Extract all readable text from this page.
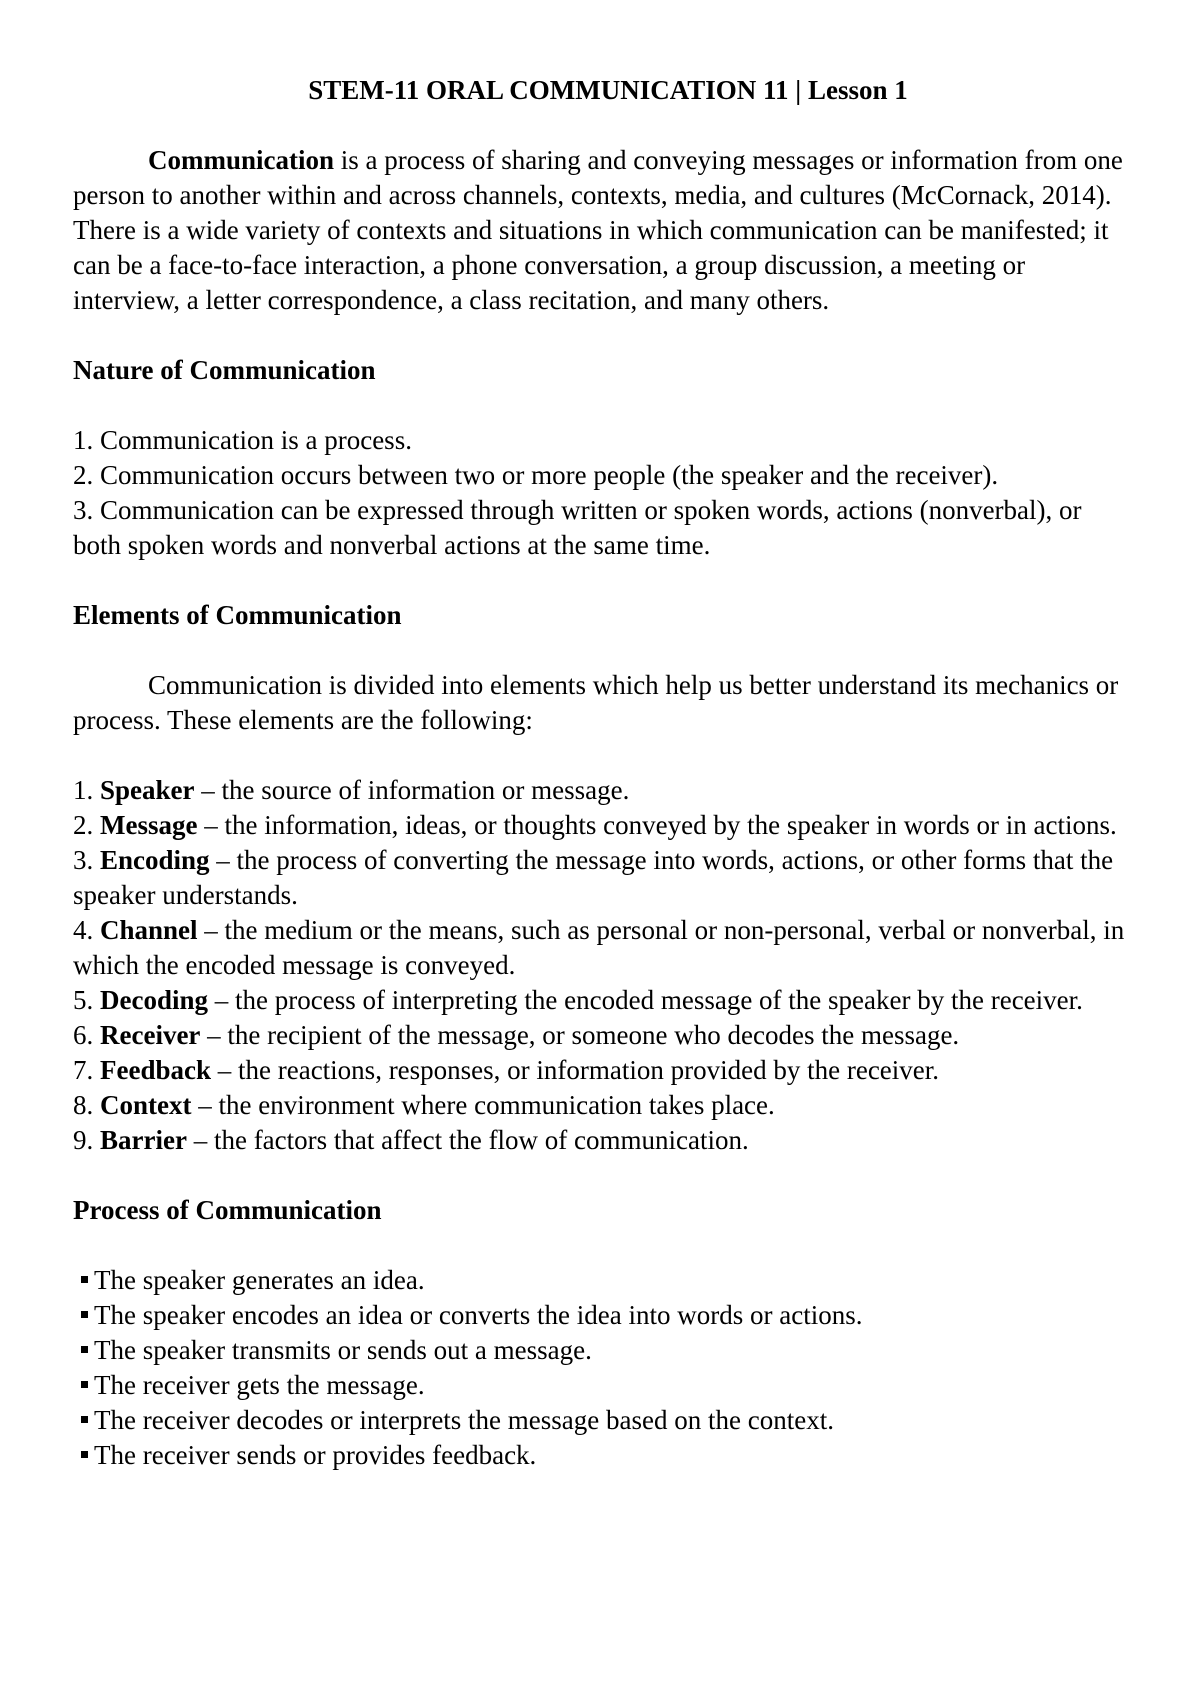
STEM-11 ORAL COMMUNICATION 11 | Lesson 1

Communication is a process of sharing and conveying messages or information from one person to another within and across channels, contexts, media, and cultures (McCornack, 2014). There is a wide variety of contexts and situations in which communication can be manifested; it can be a face-to-face interaction, a phone conversation, a group discussion, a meeting or interview, a letter correspondence, a class recitation, and many others.

Nature of Communication

1. Communication is a process.
2. Communication occurs between two or more people (the speaker and the receiver).
3. Communication can be expressed through written or spoken words, actions (nonverbal), or both spoken words and nonverbal actions at the same time.

Elements of Communication

Communication is divided into elements which help us better understand its mechanics or process. These elements are the following:

1. Speaker – the source of information or message.
2. Message – the information, ideas, or thoughts conveyed by the speaker in words or in actions.
3. Encoding – the process of converting the message into words, actions, or other forms that the speaker understands.
4. Channel – the medium or the means, such as personal or non-personal, verbal or nonverbal, in which the encoded message is conveyed.
5. Decoding – the process of interpreting the encoded message of the speaker by the receiver.
6. Receiver – the recipient of the message, or someone who decodes the message.
7. Feedback – the reactions, responses, or information provided by the receiver.
8. Context – the environment where communication takes place.
9. Barrier – the factors that affect the flow of communication.

Process of Communication

The speaker generates an idea.
The speaker encodes an idea or converts the idea into words or actions.
The speaker transmits or sends out a message.
The receiver gets the message.
The receiver decodes or interprets the message based on the context.
The receiver sends or provides feedback.
